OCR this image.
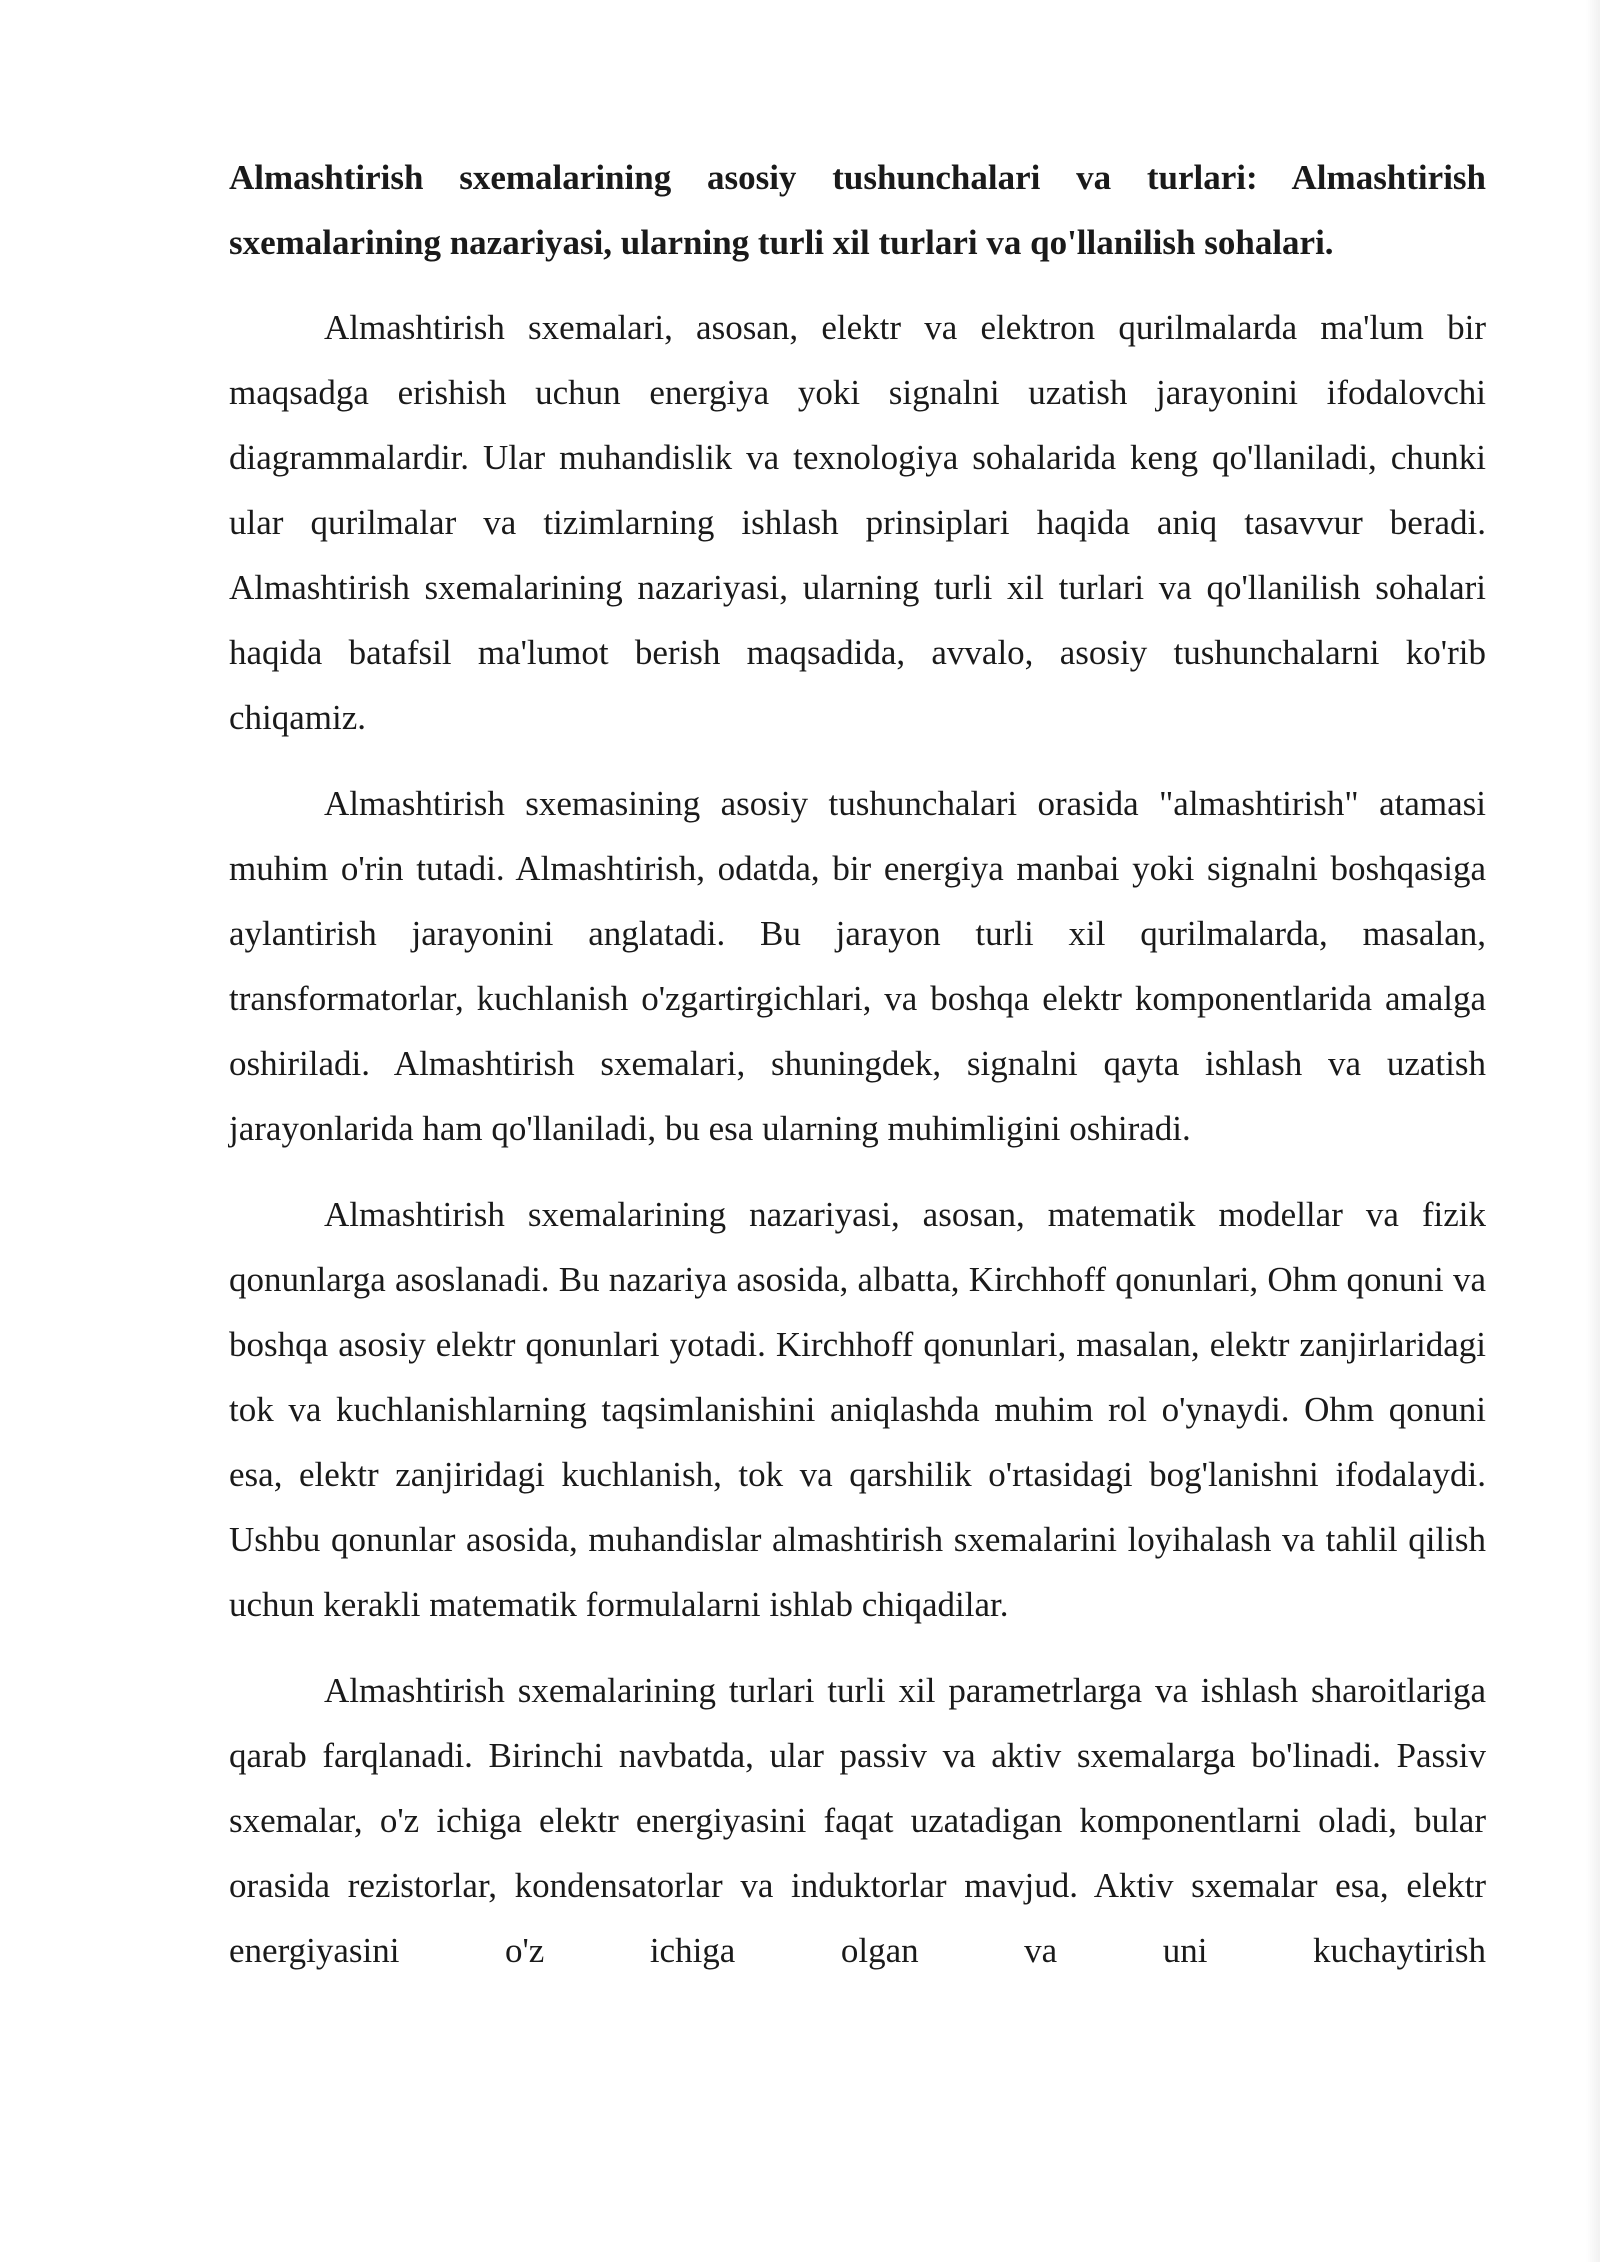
Almashtirish sxemalarining asosiy tushunchalari va turlari: Almashtirish sxemalarining nazariyasi, ularning turli xil turlari va qo'llanilish sohalari.

Almashtirish sxemalari, asosan, elektr va elektron qurilmalarda ma'lum bir maqsadga erishish uchun energiya yoki signalni uzatish jarayonini ifodalovchi diagrammalardir. Ular muhandislik va texnologiya sohalarida keng qo'llaniladi, chunki ular qurilmalar va tizimlarning ishlash prinsiplari haqida aniq tasavvur beradi. Almashtirish sxemalarining nazariyasi, ularning turli xil turlari va qo'llanilish sohalari haqida batafsil ma'lumot berish maqsadida, avvalo, asosiy tushunchalarni ko'rib chiqamiz.

Almashtirish sxemasining asosiy tushunchalari orasida "almashtirish" atamasi muhim o'rin tutadi. Almashtirish, odatda, bir energiya manbai yoki signalni boshqasiga aylantirish jarayonini anglatadi. Bu jarayon turli xil qurilmalarda, masalan, transformatorlar, kuchlanish o'zgartirgichlari, va boshqa elektr komponentlarida amalga oshiriladi. Almashtirish sxemalari, shuningdek, signalni qayta ishlash va uzatish jarayonlarida ham qo'llaniladi, bu esa ularning muhimligini oshiradi.

Almashtirish sxemalarining nazariyasi, asosan, matematik modellar va fizik qonunlarga asoslanadi. Bu nazariya asosida, albatta, Kirchhoff qonunlari, Ohm qonuni va boshqa asosiy elektr qonunlari yotadi. Kirchhoff qonunlari, masalan, elektr zanjirlaridagi tok va kuchlanishlarning taqsimlanishini aniqlashda muhim rol o'ynaydi. Ohm qonuni esa, elektr zanjiridagi kuchlanish, tok va qarshilik o'rtasidagi bog'lanishni ifodalaydi. Ushbu qonunlar asosida, muhandislar almashtirish sxemalarini loyihalash va tahlil qilish uchun kerakli matematik formulalarni ishlab chiqadilar.

Almashtirish sxemalarining turlari turli xil parametrlarga va ishlash sharoitlariga qarab farqlanadi. Birinchi navbatda, ular passiv va aktiv sxemalarga bo'linadi. Passiv sxemalar, o'z ichiga elektr energiyasini faqat uzatadigan komponentlarni oladi, bular orasida rezistorlar, kondensatorlar va induktorlar mavjud. Aktiv sxemalar esa, elektr energiyasini o'z ichiga olgan va uni kuchaytirish
